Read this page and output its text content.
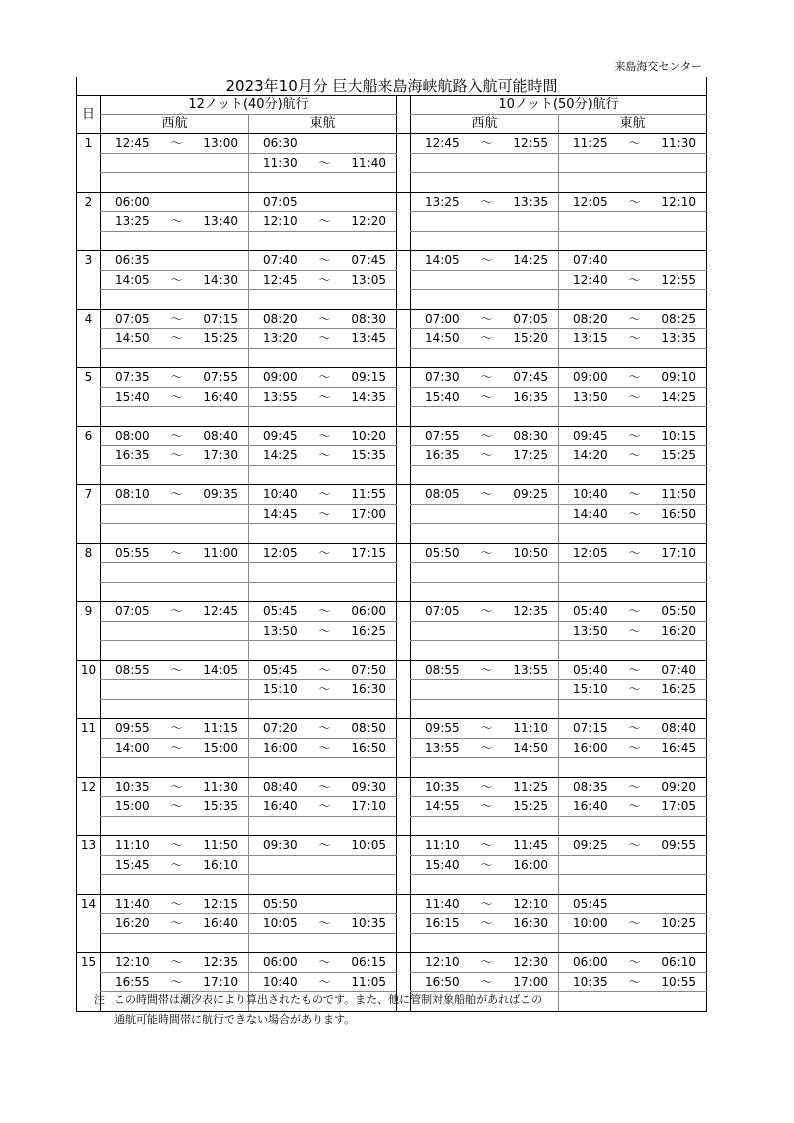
来島海交センター
2023年10月分 巨大船来島海峡航路入航可能時間					
日	12ノット(40分)航行			10ノット(50分)航行	
	西航	東航		西航	東航
1	12:45 ～ 13:00	06:30		12:45 ～ 12:55	11:25 ～ 11:30

		11:30 ～ 11:40			

2	06:00	07:05		13:25 ～ 13:35	12:05 ～ 12:10

	13:25 ～ 13:40	12:10 ～ 12:20			

3	06:35	07:40 ～ 07:45		14:05 ～ 14:25	07:40

	14:05 ～ 14:30	12:45 ～ 13:05			12:40 ～ 12:55

4	07:05 ～ 07:15	08:20 ～ 08:30		07:00 ～ 07:05	08:20 ～ 08:25

	14:50 ～ 15:25	13:20 ～ 13:45		14:50 ～ 15:20	13:15 ～ 13:35

5	07:35 ～ 07:55	09:00 ～ 09:15		07:30 ～ 07:45	09:00 ～ 09:10

	15:40 ～ 16:40	13:55 ～ 14:35		15:40 ～ 16:35	13:50 ～ 14:25

6	08:00 ～ 08:40	09:45 ～ 10:20		07:55 ～ 08:30	09:45 ～ 10:15

	16:35 ～ 17:30	14:25 ～ 15:35		16:35 ～ 17:25	14:20 ～ 15:25

7	08:10 ～ 09:35	10:40 ～ 11:55		08:05 ～ 09:25	10:40 ～ 11:50

		14:45 ～ 17:00			14:40 ～ 16:50

8	05:55 ～ 11:00	12:05 ～ 17:15		05:50 ～ 10:50	12:05 ～ 17:10

9	07:05 ～ 12:45	05:45 ～ 06:00		07:05 ～ 12:35	05:40 ～ 05:50

		13:50 ～ 16:25			13:50 ～ 16:20

10	08:55 ～ 14:05	05:45 ～ 07:50		08:55 ～ 13:55	05:40 ～ 07:40

		15:10 ～ 16:30			15:10 ～ 16:25

11	09:55 ～ 11:15	07:20 ～ 08:50		09:55 ～ 11:10	07:15 ～ 08:40

	14:00 ～ 15:00	16:00 ～ 16:50		13:55 ～ 14:50	16:00 ～ 16:45

12	10:35 ～ 11:30	08:40 ～ 09:30		10:35 ～ 11:25	08:35 ～ 09:20

	15:00 ～ 15:35	16:40 ～ 17:10		14:55 ～ 15:25	16:40 ～ 17:05

13	11:10 ～ 11:50	09:30 ～ 10:05		11:10 ～ 11:45	09:25 ～ 09:55

	15:45 ～ 16:10			15:40 ～ 16:00	

14	11:40 ～ 12:15	05:50		11:40 ～ 12:10	05:45

	16:20 ～ 16:40	10:05 ～ 10:35		16:15 ～ 16:30	10:00 ～ 10:25

15	12:10 ～ 12:35	06:00 ～ 06:15		12:10 ～ 12:30	06:00 ～ 06:10

	16:55 ～ 17:10	10:40 ～ 11:05		16:50 ～ 17:00	10:35 ～ 10:55

注 この時間帯は潮汐表により算出されたものです。また、他に管制対象船舶があればこの
通航可能時間帯に航行できない場合があります。
